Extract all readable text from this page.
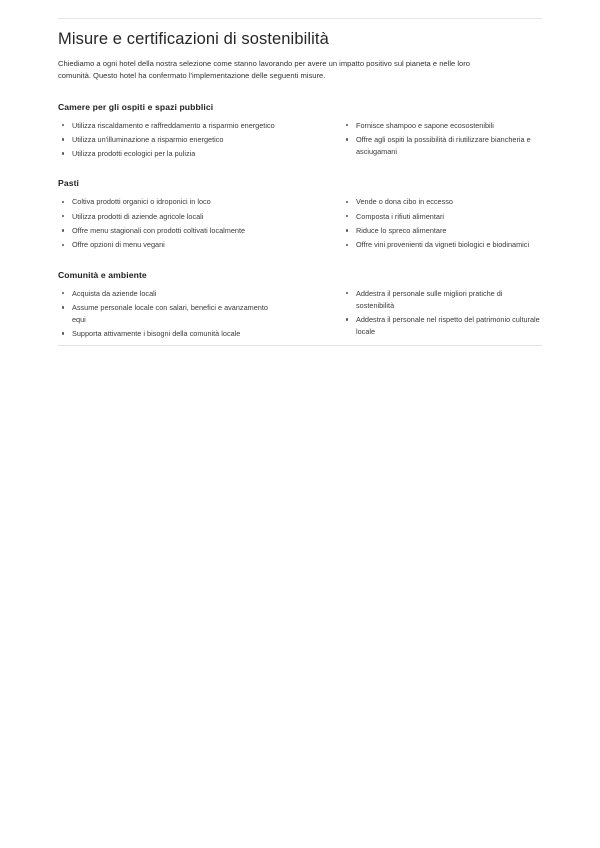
Misure e certificazioni di sostenibilità

Chiediamo a ogni hotel della nostra selezione come stanno lavorando per avere un impatto positivo sul pianeta e nelle loro comunità. Questo hotel ha confermato l'implementazione delle seguenti misure.

Camere per gli ospiti e spazi pubblici
Utilizza riscaldamento e raffreddamento a risparmio energetico
Utilizza un'illuminazione a risparmio energetico
Utilizza prodotti ecologici per la pulizia
Fornisce shampoo e sapone ecosostenibili
Offre agli ospiti la possibilità di riutilizzare biancheria e asciugamani
Pasti
Coltiva prodotti organici o idroponici in loco
Utilizza prodotti di aziende agricole locali
Offre menu stagionali con prodotti coltivati localmente
Offre opzioni di menu vegani
Vende o dona cibo in eccesso
Composta i rifiuti alimentari
Riduce lo spreco alimentare
Offre vini provenienti da vigneti biologici e biodinamici
Comunità e ambiente
Acquista da aziende locali
Assume personale locale con salari, benefici e avanzamento equi
Supporta attivamente i bisogni della comunità locale
Addestra il personale sulle migliori pratiche di sostenibilità
Addestra il personale nel rispetto del patrimonio culturale locale
